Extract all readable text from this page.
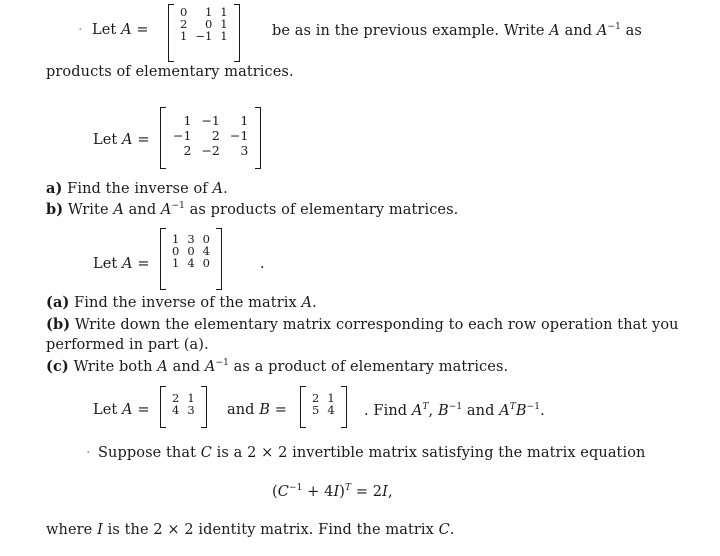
· Let A =
0	1	1
2	0	1
1	−1	1	be as in the previous example. Write A and $A^{-1}$ as
products of elementary matrices.
Let A =
1	−1	1
−1	2	−1
2	−2	3
a) Find the inverse of A.
b) Write A and $A^{-1}$ as products of elementary matrices.
Let A =
1	3	0
0	0	4
1	4	0	.
(a) Find the inverse of the matrix A.
(b) Write down the elementary matrix corresponding to each row operation that you
performed in part (a).
(c) Write both A and $A^{-1}$ as a product of elementary matrices.
Let A =
2	1
4	3 and B =
2	1
5	4 . Find $A^T$, $B^{-1}$ and $A^TB^{-1}$.
· Suppose that C is a 2 × 2 invertible matrix satisfying the matrix equation
$(C^{-1} + 4I)^T = 2I$,
where I is the 2 × 2 identity matrix. Find the matrix C.
